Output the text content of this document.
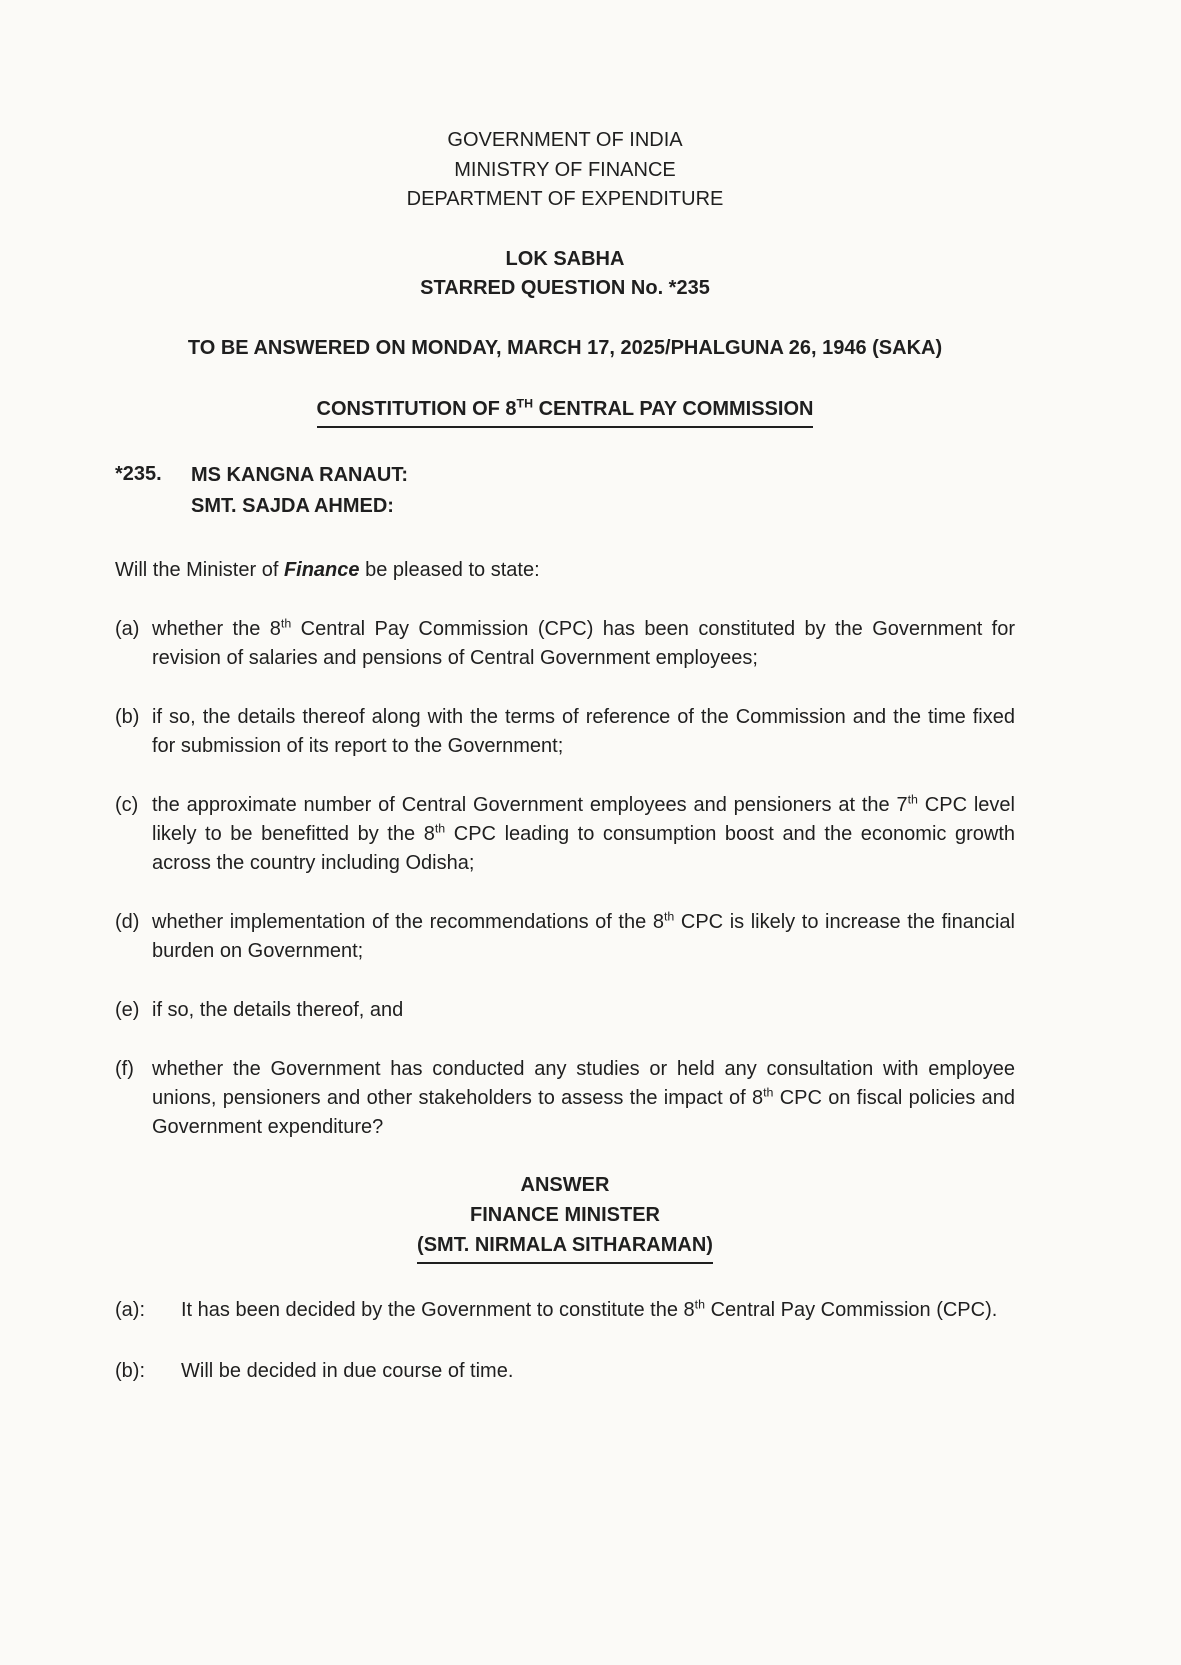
GOVERNMENT OF INDIA
MINISTRY OF FINANCE
DEPARTMENT OF EXPENDITURE
LOK SABHA
STARRED QUESTION No. *235
TO BE ANSWERED ON MONDAY, MARCH 17, 2025/PHALGUNA 26, 1946 (SAKA)
CONSTITUTION OF 8TH CENTRAL PAY COMMISSION
*235.	MS KANGNA RANAUT:
SMT. SAJDA AHMED:
Will the Minister of Finance be pleased to state:
(a) whether the 8th Central Pay Commission (CPC) has been constituted by the Government for revision of salaries and pensions of Central Government employees;
(b) if so, the details thereof along with the terms of reference of the Commission and the time fixed for submission of its report to the Government;
(c) the approximate number of Central Government employees and pensioners at the 7th CPC level likely to be benefitted by the 8th CPC leading to consumption boost and the economic growth across the country including Odisha;
(d) whether implementation of the recommendations of the 8th CPC is likely to increase the financial burden on Government;
(e) if so, the details thereof, and
(f) whether the Government has conducted any studies or held any consultation with employee unions, pensioners and other stakeholders to assess the impact of 8th CPC on fiscal policies and Government expenditure?
ANSWER
FINANCE MINISTER
(SMT. NIRMALA SITHARAMAN)
(a): It has been decided by the Government to constitute the 8th Central Pay Commission (CPC).
(b): Will be decided in due course of time.
